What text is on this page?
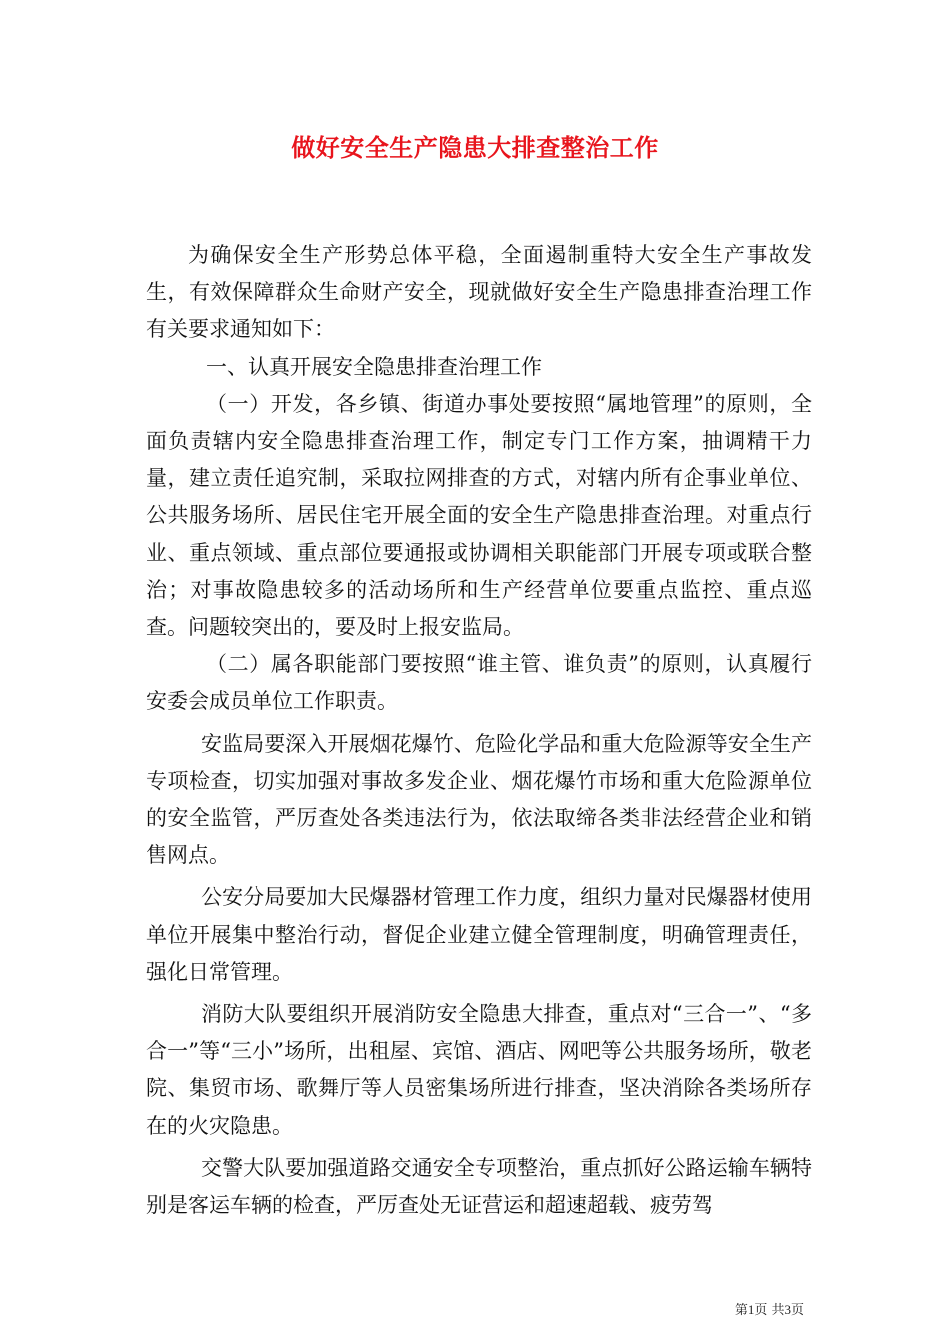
做好安全生产隐患大排查整治工作

为确保安全生产形势总体平稳，全面遏制重特大安全生产事故发生，有效保障群众生命财产安全，现就做好安全生产隐患排查治理工作有关要求通知如下：

一、认真开展安全隐患排查治理工作

（一）开发，各乡镇、街道办事处要按照“属地管理”的原则，全面负责辖内安全隐患排查治理工作，制定专门工作方案，抽调精干力量，建立责任追究制，采取拉网排查的方式，对辖内所有企事业单位、公共服务场所、居民住宅开展全面的安全生产隐患排查治理。对重点行业、重点领域、重点部位要通报或协调相关职能部门开展专项或联合整治；对事故隐患较多的活动场所和生产经营单位要重点监控、重点巡查。问题较突出的，要及时上报安监局。

（二）属各职能部门要按照“谁主管、谁负责”的原则，认真履行安委会成员单位工作职责。

安监局要深入开展烟花爆竹、危险化学品和重大危险源等安全生产专项检查，切实加强对事故多发企业、烟花爆竹市场和重大危险源单位的安全监管，严厉查处各类违法行为，依法取缔各类非法经营企业和销售网点。

公安分局要加大民爆器材管理工作力度，组织力量对民爆器材使用单位开展集中整治行动，督促企业建立健全管理制度，明确管理责任，强化日常管理。

消防大队要组织开展消防安全隐患大排查，重点对“三合一”、“多合一”等“三小”场所，出租屋、宾馆、酒店、网吧等公共服务场所，敬老院、集贸市场、歌舞厅等人员密集场所进行排查，坚决消除各类场所存在的火灾隐患。

交警大队要加强道路交通安全专项整治，重点抓好公路运输车辆特别是客运车辆的检查，严厉查处无证营运和超速超载、疲劳驾

第1页 共3页
